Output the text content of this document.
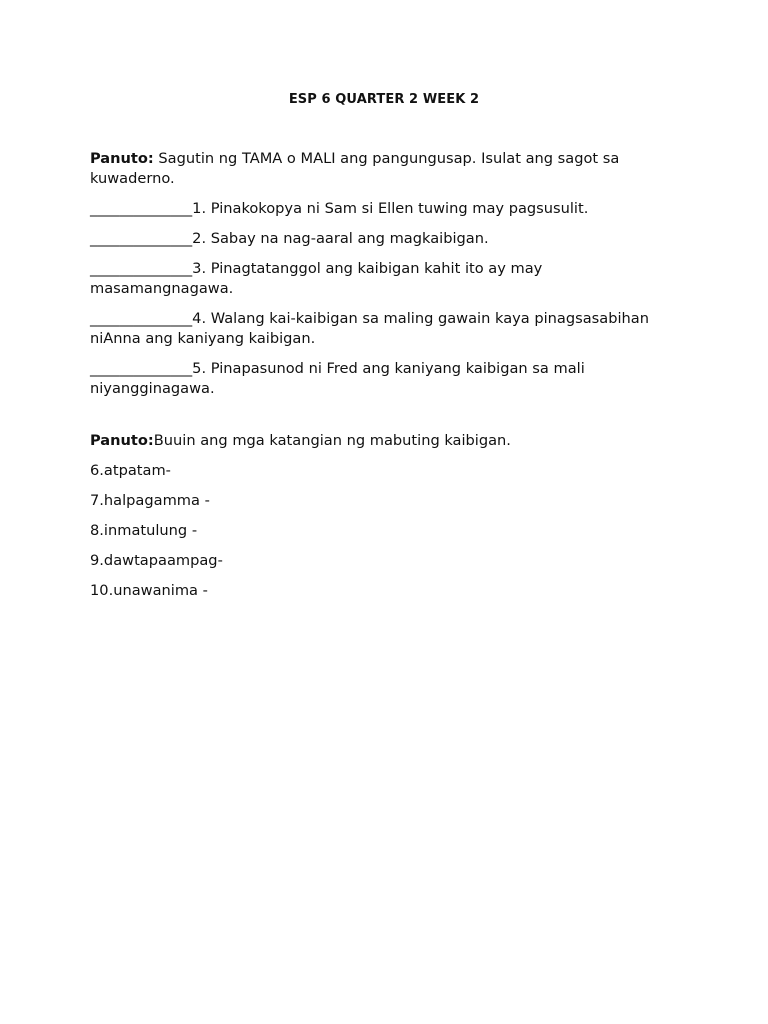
ESP 6 QUARTER 2 WEEK 2

Panuto: Sagutin ng TAMA o MALI ang pangungusap. Isulat ang sagot sa kuwaderno.

______________1. Pinakokopya ni Sam si Ellen tuwing may pagsusulit.

______________2. Sabay na nag-aaral ang magkaibigan.

______________3. Pinagtatanggol ang kaibigan kahit ito ay may masamangnagawa.

______________4. Walang kai-kaibigan sa maling gawain kaya pinagsasabihan niAnna ang kaniyang kaibigan.

______________5. Pinapasunod ni Fred ang kaniyang kaibigan sa mali niyangginagawa.

Panuto:Buuin ang mga katangian ng mabuting kaibigan.

6.atpatam-

7.halpagamma -

8.inmatulung -

9.dawtapaampag-

10.unawanima -
